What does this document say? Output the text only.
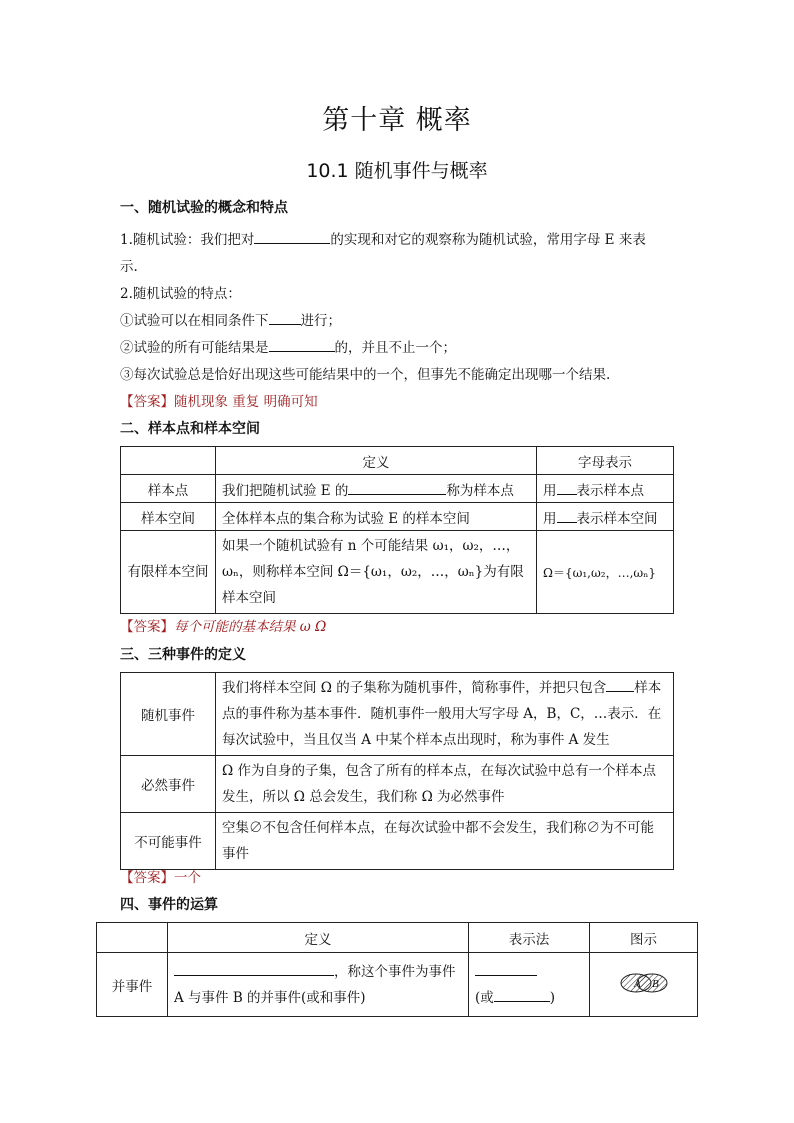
第十章 概率
10.1 随机事件与概率
一、随机试验的概念和特点
1.随机试验：我们把对	的实现和对它的观察称为随机试验，常用字母 E 来表
示.
2.随机试验的特点：
①试验可以在相同条件下 进行；
②试验的所有可能结果是	的，并且不止一个；
③每次试验总是恰好出现这些可能结果中的一个，但事先不能确定出现哪一个结果.
【答案】随机现象 重复 明确可知
二、样本点和样本空间
	定义	字母表示
样本点	我们把随机试验 E 的 称为样本点	用 表示样本点
样本空间	全体样本点的集合称为试验 E 的样本空间	用 表示样本空间
有限样本空间	如果一个随机试验有 n 个可能结果 ω₁，ω₂，…，ωₙ，则称样本空间 Ω＝{ω₁，ω₂，…，ωₙ}为有限样本空间	Ω＝{ω₁,ω₂，…,ωₙ}
【答案】每个可能的基本结果 ω Ω
三、三种事件的定义
随机事件	我们将样本空间 Ω 的子集称为随机事件，简称事件，并把只包含 样本点的事件称为基本事件．随机事件一般用大写字母 A，B，C，…表示．在每次试验中，当且仅当 A 中某个样本点出现时，称为事件 A 发生
必然事件	Ω 作为自身的子集，包含了所有的样本点，在每次试验中总有一个样本点发生，所以 Ω 总会发生，我们称 Ω 为必然事件
不可能事件	空集∅不包含任何样本点，在每次试验中都不会发生，我们称∅为不可能事件
【答案】一个
四、事件的运算
	定义	表示法	图示
并事件	，称这个事件为事件 A 与事件 B 的并事件(或和事件)	(或 )	A B
